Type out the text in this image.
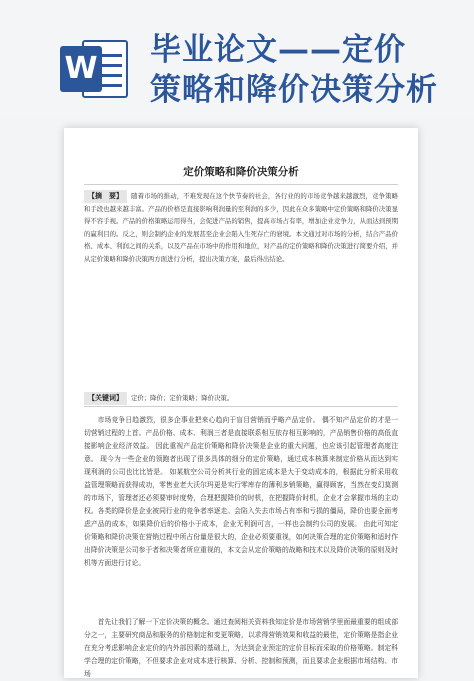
W
毕业论文——定价
策略和降价决策分析
定价策略和降价决策分析
【摘　要】 随着市场的推动，不难发现在这个快节奏的社会，各行业的的市场竞争越来越激烈，竞争策略和手段也越来越丰富。产品的价格是直接影响利润量的至利润的多少，因此在众多策略中定价策略和降价决策显得不容手视。产品的价格策略运用得当，会促进产品的销售，提高市场占有率，增加企业竞争力，从而达到预期的赢利目的。反之，则会制约企业的发展甚至企业会陷入生死存亡的窘境。本文通过对市场的分析，结合产品价格、成本、利润之间的关系，以及产品在市场中的作用和地位，对产品的定价策略和降价决策进行简要介绍，并从定价策略和降价决策两方面进行分析，提出决策方案，最后得出结论。
【关键词】 定价；降价；定价策略；降价决策。
市场竞争日趋激烈，很多企事业把来心趋向于盲目营销而乎略产品定价。 偶不知产品定价的才是一切营销过程的上首。产品价格、成本、利润三者是直接联系相互依存相互影响的，产品销售价格的高低直接影响企业经济效益。 因此重视产品定价策略和降价决策是企业的重大问题，也应该引起管理者高度注意。 现今为一些企业的领跑者出现了很多具体的细分的定价策略，通过成本核算来制定价格从而达到实现利润的公司也比比皆是。 如某航空公司分析其行业的固定成本是大于变动成本的，根据此分析采用收益管理策略而获得成功，零售业老大沃尔玛更是实行零库存的薄利多销策略，赢得顾客，当然在变幻莫测的市场下，管理者还必须要审时度势，合理把握降价的时机，在把握降价时机，企业才会掌握市场的主动权。各类的降价是企业被同行业的竞争者率逐走。会陷入失去市场占有率和亏损的僵局，降价也要全面考虑产品的成本，如果降价后的价格小于成本，企业无利润可言，一样也会制约公司的发展。 由此可知定价策略和降价决策在营销过程中所占份量是很大的，企业必须要重视，如何决策合理的定价策略和适时作出降价决策是公司参于者和决策者所应重视的，本文会从定价策略的战略和技术以及降价决策的原则及时机等方面进行讨论。
首先让我们了解一下定价决策的概念。通过查阅相关资料我知定价是市场营销学里面最重要的组成部分之一，主要研究商品和服务的价格制定和变更策略，以求得营销效果和收益的最佳，定价策略是指企业在充分考虑影响企业定价的内外部因素的基础上，为达到企业预定的定价目标而采取的价格策略。制定科学合理的定价策略，不但要求企业对成本进行核算、分析、控制和预测，而且要求企业根据市场结构、市场
